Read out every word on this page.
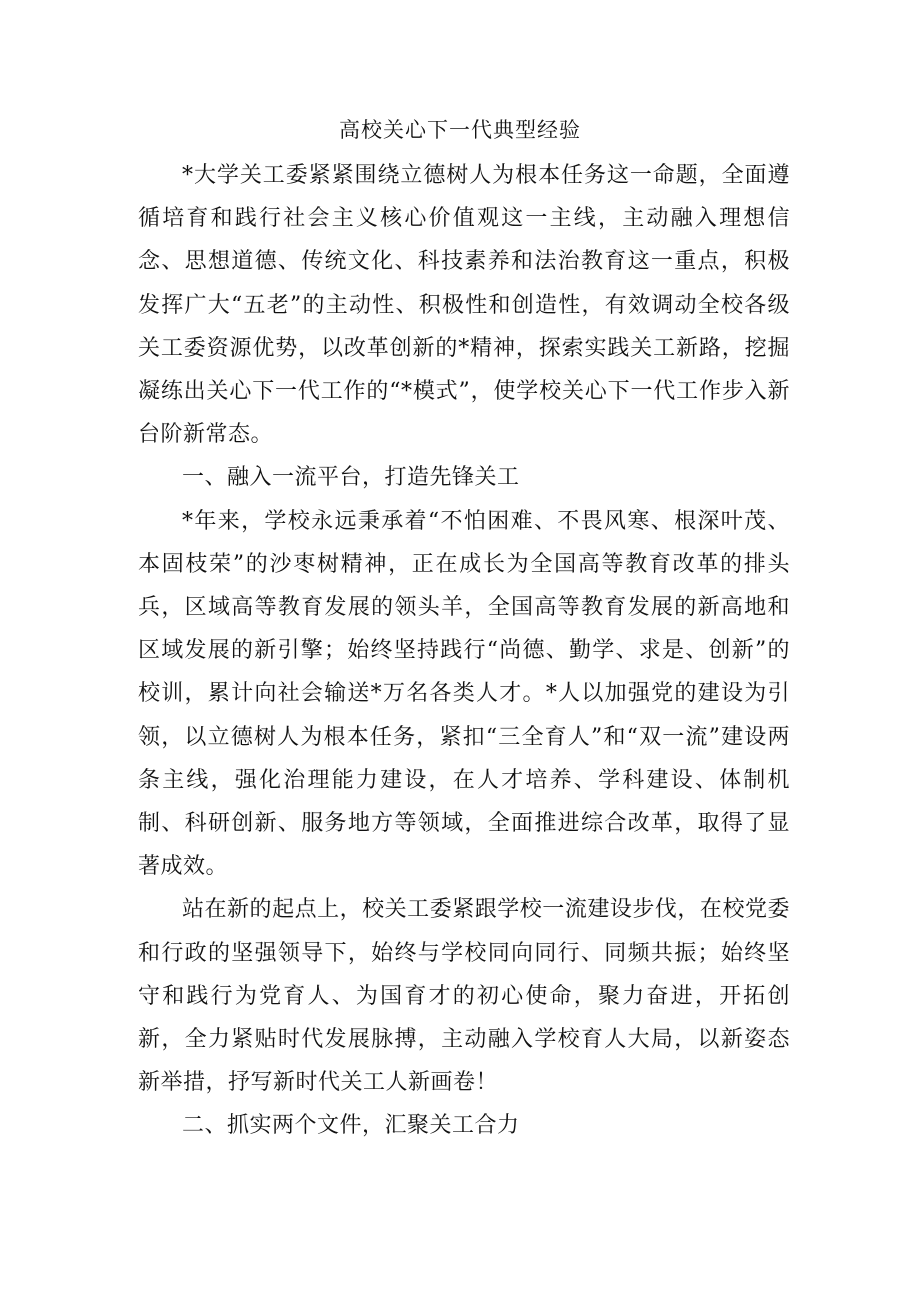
高校关心下一代典型经验

*大学关工委紧紧围绕立德树人为根本任务这一命题，全面遵循培育和践行社会主义核心价值观这一主线，主动融入理想信念、思想道德、传统文化、科技素养和法治教育这一重点，积极发挥广大“五老”的主动性、积极性和创造性，有效调动全校各级关工委资源优势，以改革创新的*精神，探索实践关工新路，挖掘凝练出关心下一代工作的“*模式”，使学校关心下一代工作步入新台阶新常态。

一、融入一流平台，打造先锋关工

*年来，学校永远秉承着“不怕困难、不畏风寒、根深叶茂、本固枝荣”的沙枣树精神，正在成长为全国高等教育改革的排头兵，区域高等教育发展的领头羊，全国高等教育发展的新高地和区域发展的新引擎；始终坚持践行“尚德、勤学、求是、创新”的校训，累计向社会输送*万名各类人才。*人以加强党的建设为引领，以立德树人为根本任务，紧扣“三全育人”和“双一流”建设两条主线，强化治理能力建设，在人才培养、学科建设、体制机制、科研创新、服务地方等领域，全面推进综合改革，取得了显著成效。

站在新的起点上，校关工委紧跟学校一流建设步伐，在校党委和行政的坚强领导下，始终与学校同向同行、同频共振；始终坚守和践行为党育人、为国育才的初心使命，聚力奋进，开拓创新，全力紧贴时代发展脉搏，主动融入学校育人大局，以新姿态新举措，抒写新时代关工人新画卷！

二、抓实两个文件，汇聚关工合力
